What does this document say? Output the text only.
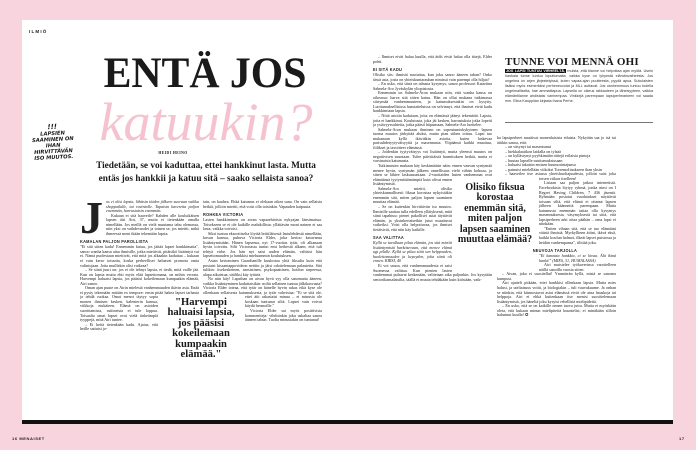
ILMIÖ
ENTÄ JOS
katuukin?
!!!
LAPSIEN SAAMINEN ON IHAN HIRVITTÄVÄN ISO MUUTOS.
HEIDI HEINO
Tiedetään, se voi kaduttaa, ettei hankkinut lasta. Mutta entäs jos hankkii ja katuu sitä – saako sellaista sanoa?
J os ei olisi lapsia, lähtisin töiden jälkeen suoraan vaikka shoppailulle, tai ravintolle. Tapaisin kavereita paljon enemmän, harrastaisin enemmän.

Kukaan ei sitä haaveile? Kahden alle kouluikäisen lapsen äiti Airi, 37, mutta ei tietenkään omalla nimellään. Jos meillä on vielä muutama tabu olemassa, niin yksi on vaihdevuodet ja toinen se, jos miettii, mikä ihmeessä meni ikään tekemään lapsia.

KAMALAN PALJON PAROLLISTA

"Ei sitä sitten kadu! Ennemmin katuu, jos jättää lapset hankkimatta", sanoo wanha kansa aina ihmisille, jotka miettivät, pitäisikö lisääntyä vai ei. Nämä puolestaan miettivät, että mitä jos alkaakin kaduttaa – kukaan ei vain kerro totuutta, koska perheelliset haluavat promota omia valintojaan. Jotta muillakin olisi vaikeaa?

– Se siinä juuri on: jos ei ole tehnyt lapsia, ei tiedä, mitä vaille jää. Kun on lapsia mutta ehti myös elää lapsettomana, on mihin verrata. Harvempi haluaisi lapsia, jos pääsisi kokeilemaan kumpaakin elämää, Airi sanoo.

Oman ajan puute on Airin mielestä vanhemmuuden ikävin asia. Enää ei pysty tekemään mitään ex tempore: ensin pitää hakea lapset tarhasta ja tehdä ruokaa. Omat menot täytyy sopia monen ihmisen kesken, kalenterin kanssa, viikkoja etukäteen. Elämä on asioiden suorittamista, rutiineista ei tule loppua. Toisaalta omat lapset ovat vielä tärkeämpiä tyyppejä, mitä Airi tuntee.

– Ei heitä tietenkään kadu. Ajatus, että heille sattuisi jo-

tain, on kauhea. Ehkä katumus ei olekaan oikea sana. On vain sellaisia hetkiä, jolloin miettii, että voisi olla toisinkin. Vapauden kaipuuta.

ROHKEA VICTORIA

Lasten hankkiminen on aivan vapaaehtoista nykyajan länsimaissa. Toisekseen se ei ole kaikille mahdollista: yllättävän moni nainen ei saa lasta, vaikka toivoisi.

Siksi tuntuu eksoottiselta löytää brittiläisestä lastulehdestä nimellään, kuvan kanssa, puhuva Victoria Elder, joka kertoo katuvansa lisääntymistään. Hänen lapsensa, nyt 17-vuotias tytär, oli alkanaan hyvin toivottu. Silti Victoriasta tuntui ensi hetkestä alkaen, että tuli tehtyä virhe. Jos hän nyt saisi uuden elämän, valitsisi hän lapsettomuuden ja hankkisi mieluummin koulutuksen.

Asian kertominen Guardianille kuulostaa yhtä fiksulta kuin että postaisi kissantappovideon nettiin ja jäisi odottelemaan palautetta. Sitä tulikin: itsekeskeinen, narsistinen, psykopaattinen, hoidon tarpeessa, alapa aikuistua, sääliksi käy tytärtä.

No niin käy! Lapsihan on aivan hyvä syy olla sanomatta ääneen, vaikka lisääntyminen kaduttaisikin: miltä sellainen tuntuu jälkikasvusta? Victoria Elder toteaa, että tytär on hänelle hyvin rakas eikä kyse ole ollenkaan sellaisesta katumuksesta, ja tytär vahvistaa: "Ei se sitä ole, ettei äiti rakastaisi minua – ei minusta ole koskaan tuntunut siltä. Lapset vain voivat käydä hermoille."

Victoria Elder sai myös positiivisia kommentteja: vihdoinkin joku uskaltaa sanoa ääneen tabun. Tuolta minustakin on tuntunut!

"Harvempi haluaisi lapsia, jos pääsisi kokeilemaan kumpaakin elämää."

– Ihmiset eivät halua kuulla, että äidit eivät halua olla äitejä, Elder pohti.

EI SITÄ KADU

Olisiko siis: ihmisiä suututtaa, kun joku sanoo ääneen tabun? Onko tässä asia, josta on yhteiskuntarauhan nimissä vain parempi olla hiljaa?

– En usko, että siinä on tabusta kysymys, sanoo professori Katariina Salmela-Aro Jyväskylän yliopistosta.

Ennemmin on Salmela-Aron mukaan niin, että wanha kansa on oikeassa: harva sitä sitten katuu. Hän on ollut mukana tutkimassa siirtymää vanhemmuuteen, ja katumuksestakin on kysytty. Luottamuksellisissa haastatteluissa on selvinnyt, että ihmiset eivät kadu hankkimiaan lapsia.

– Niitä asioita kadutaan, joita on elämässä jäänyt tekemättä. Lapsia, joita ei hankkinut. Koulutusta, joka jäi kesken, harrastuksia jotka lopetti ja ystävyyssuhteita, jotka päästi hiipumaan, Salmela-Aro luettelee.

Salmela-Aron mukaan ihminen on sopeutumiskykyinen: lapsen tuoma muutos järkyttää aluksi, mutta pian siihen tottuu. Lapsi tuo mukanaan kyllä ikäviäkin asioita, kuten laskevaa parisuhdetyytyväisyyttä ja masennusta. Ylipäänsä kaikki muuttuu, fiilikset ja tavoitteet elämässä.

– Joidenkin tyytyväisyys voi lisääntyä, mutta yleensä muutos on negatiivisen suuntaan. Tulee päivittäisiä harmituksen hetkiä, mutta ei varsinaista katumusta.

Tutkimusten mukaan käy keskimäärin näin: ennen vauvan syntymää menee hyvin, syntymän jälkeen onnellisuus vielä vähän kohoaa, ja sitten se lähtee laskusuuntaan. 2-vuotiaiden lasten vanhemmat ovat elämäänsä tyytymättömämpiä kuin olivat ennen lisääntymistä.

Salmela-Aro miettii, olisiko yhteiskunnallisesti fiksua korostaa nykyistäkin enemmän sitä, miten paljon lapsen saaminen muuttaa elämää.

– Se on kuitenkin hirvittävän iso muutos. Ihmisille saattaa tulla edelleen yllätyksenä, mitä siinä tapahtuu: pienet pakolliset asiat täyttävät elämän, ja yksinkertaisetkin jutut muuttuvat vaikeiksi. Voisi olla helpottavaa, jos ihmiset tietäisivät, että niin käy kaikille.

SAA VALITTAA

Kyllä se tavallaan pilaa elämän, jos sitä miettii lisääntymistä harkitsevaan, että menee elämä ugi pilalle. Kyllä se pilaa siitä sen helppouden, huolettomuuden ja kepeyden, joka siinä oli ennen. KIRSI, 40

Ei voi sanoa, että vanhemmuudesta ei saisi Suomessa valittaa. Kun pienten lasten vanhemmat puhuvat keskenään, valitetaan aika paljonkin. Jos kysytään seniorikansalaisilta, täällä ei muuta tehdäkään kuin kitistään, vaik-

ka lapsiperheet nauttivat monenlaisista eduista. Nykyään saa jo isä tai äitikin sanoa, että:

– on väsynyt tai masentunut

– hiekkalaatikon laidalla on tylsää

– on kyllästynyt pyyhkimään rättejä erilaisia pintoja

– huutaa lapselle suuttumuksissaan

– haluaisi takaisin entisen huumorintajunsa

– painuisi mielellään viikoksi Torremolinokseen ihan yksin

– haaveilee itse asiassa yhteishuoltajuudesta, jolloin saisi joka toisen viikon itselleen!

Listaan saa paljon jatkoa internetistä. Facebookista löytyy ryhmä, jonka nimi on I Regret Having Children, 7 436 jäsentä. Ryhmään postatut vuodatukset näyttävät toisaan siltä, että elämä ei ottanut lapsen jälkeen käännettä parempaan. Mutta katumusta enemmän taitaa olla kysymys masennuksesta, väsymyksestä tai siitä, että lapsiperheen arki ottaa päähän – oma lapsi ei niinkään.

"Eniten vihaan sitä, että se tuo elämääni vääriä ihmisiä. Myrkyllinen äitini, ikävä ekså, kaikki koulun halmot, ilkeät lapset puistossa ja heidän vanhempansa", tilittää joku.

NEUVOJA TARJOLLA

"Ei kannata hankkia, ei se kivaa. Älä ikinä hanki!" (MIES, 31, HUMALASSA)

Airi muistelee työkaverinsa varoitelleen näillä sanoilla vuosia sitten.

– Aivan, joka ei suositellut! Ymmärrän kyllä, mistä se sanoma kumpusi.

Airi ajatteli pitkään, ettei hankkisi ollenkaan lapsia. Mutta mies halusi, ja uteliaisuus voitti, ja biologiakin – tuli vauvakuume. Ja onhan se niinkin, että kiinnostavat asiat elämässä eivät ole aina hauskoja tai helppoja. Airi ei ehkä kuitenkaan itse menisi suosittelemaan lisääntymistä, jos häneltä joku kysyisi rehellistä mielipidettä.

– En usko, että se on kaikille onnen tuova juttu. Mutta ei myöskään oleta, että kukaan minun mielipiteitä kuuntelisi; ei minäkään silloin halunnut kuulla! ✪

Olisiko fiksua korostaa enemmän sitä, miten paljon lapsen saaminen muuttaa elämää?
TUNNE VOI MENNÄ OHI
JOS LAPSI TUNTUU VIRHEELTÄ, muista, että tilanne voi helpottaa ajan myötä. Usein hankala tunne tuntuu loputtomalta, vaikka kyse on lyhyestä elämänvaiheesta. Jos ongelma on arjen järjestelyissä, kuten vapaa-ajan puutteesta, pyydä apua. Sukulaisten lisäksi myös esimerkiksi perheneuvolat ja MLL auttavat. Jos vanhemmuus tuntuu todella ongelmalliselta, hae ammattiapua. Lapsella on oikeus rakkauteen ja läheisyyteen, vaikka elämäntilanne ahdistaisi vanhempaa. Vinkkejä parempaan lapsiperhearkeen voi saada mm. Elina Kauppilan kirjasta Ihana Perhe.
16 MENAISET	17
